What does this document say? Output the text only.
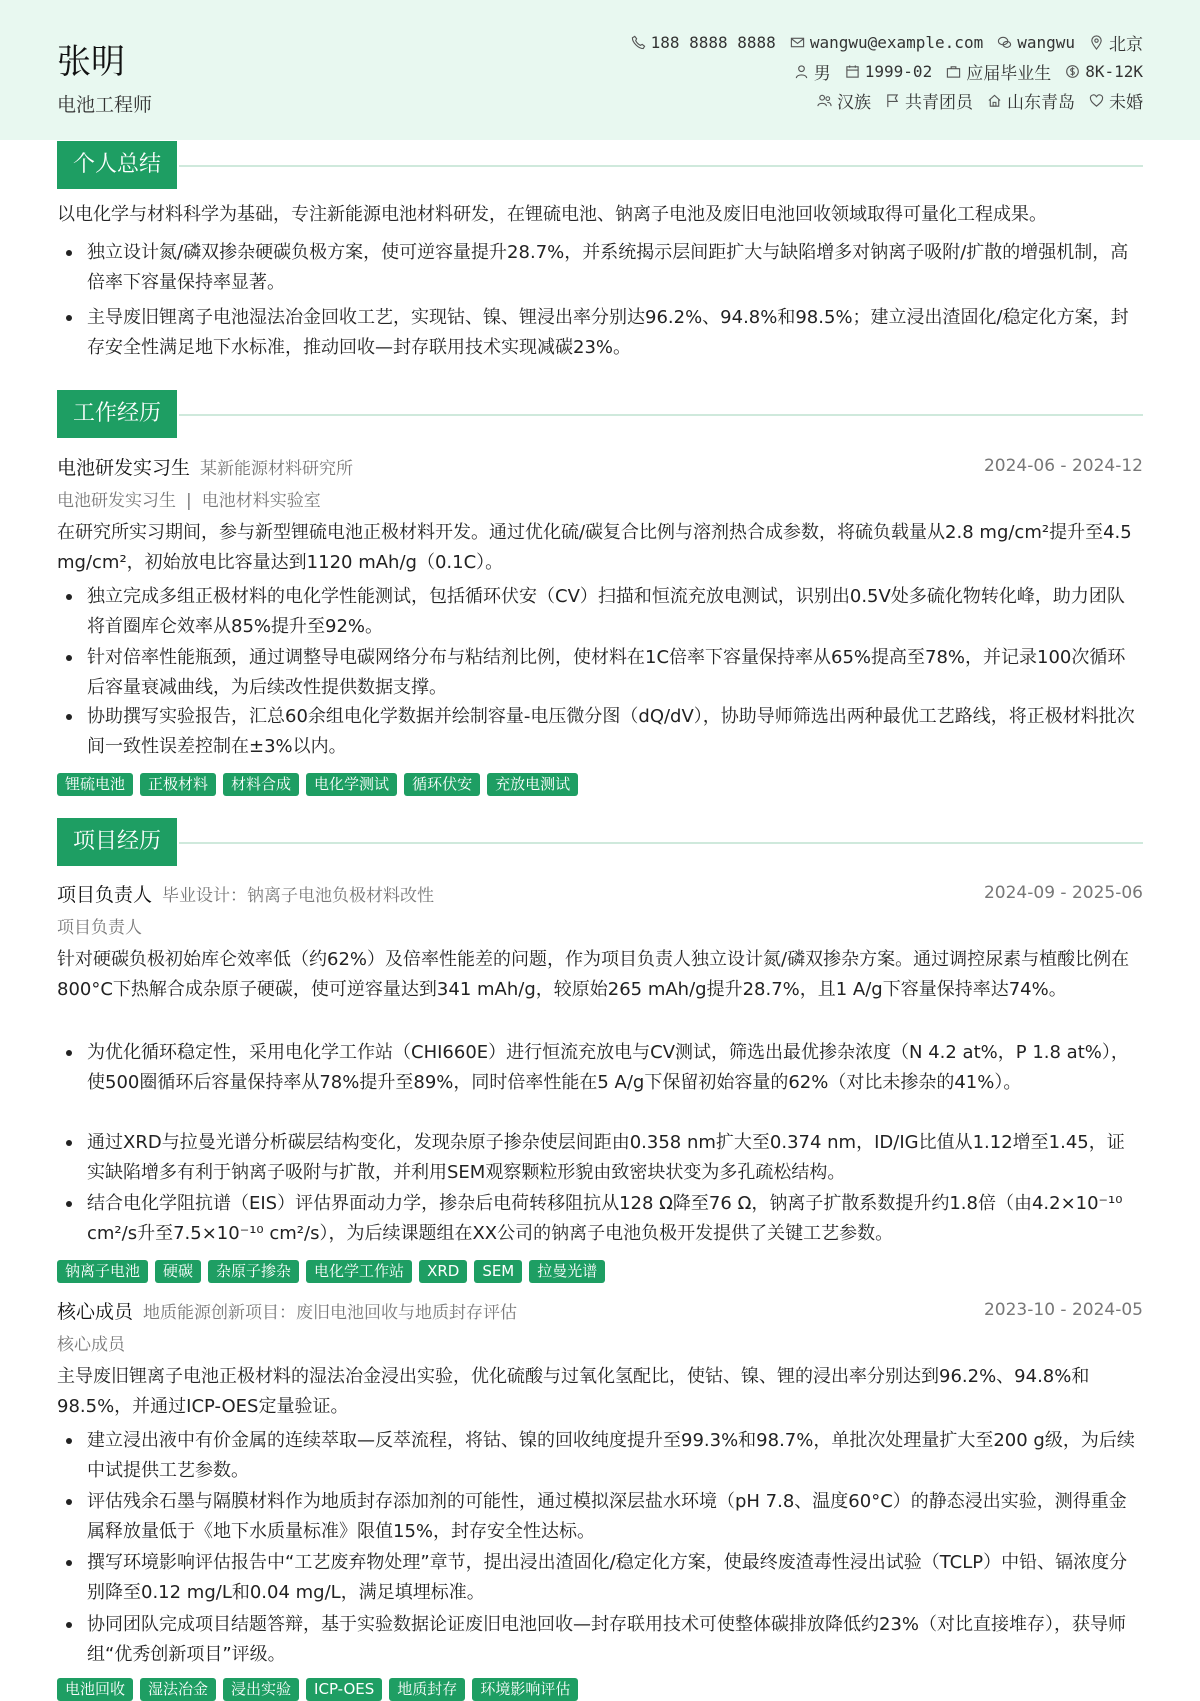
张明
电池工程师
188 8888 8888 wangwu@example.com wangwu 北京
男 1999-02 应届毕业生 8K-12K
汉族 共青团员 山东青岛 未婚
个人总结
以电化学与材料科学为基础，专注新能源电池材料研发，在锂硫电池、钠离子电池及废旧电池回收领域取得可量化工程成果。
独立设计氮/磷双掺杂硬碳负极方案，使可逆容量提升28.7%，并系统揭示层间距扩大与缺陷增多对钠离子吸附/扩散的增强机制，高倍率下容量保持率显著。
主导废旧锂离子电池湿法冶金回收工艺，实现钴、镍、锂浸出率分别达96.2%、94.8%和98.5%；建立浸出渣固化/稳定化方案，封存安全性满足地下水标准，推动回收—封存联用技术实现减碳23%。
工作经历
电池研发实习生 某新能源材料研究所	2024-06 - 2024-12
电池研发实习生 | 电池材料实验室
在研究所实习期间，参与新型锂硫电池正极材料开发。通过优化硫/碳复合比例与溶剂热合成参数，将硫负载量从2.8 mg/cm²提升至4.5 mg/cm²，初始放电比容量达到1120 mAh/g（0.1C）。
独立完成多组正极材料的电化学性能测试，包括循环伏安（CV）扫描和恒流充放电测试，识别出0.5V处多硫化物转化峰，助力团队将首圈库仑效率从85%提升至92%。
针对倍率性能瓶颈，通过调整导电碳网络分布与粘结剂比例，使材料在1C倍率下容量保持率从65%提高至78%，并记录100次循环后容量衰减曲线，为后续改性提供数据支撑。
协助撰写实验报告，汇总60余组电化学数据并绘制容量-电压微分图（dQ/dV），协助导师筛选出两种最优工艺路线，将正极材料批次间一致性误差控制在±3%以内。
锂硫电池	正极材料	材料合成	电化学测试	循环伏安	充放电测试
项目经历
项目负责人 毕业设计：钠离子电池负极材料改性	2024-09 - 2025-06
项目负责人
针对硬碳负极初始库仑效率低（约62%）及倍率性能差的问题，作为项目负责人独立设计氮/磷双掺杂方案。通过调控尿素与植酸比例在800°C下热解合成杂原子硬碳，使可逆容量达到341 mAh/g，较原始265 mAh/g提升28.7%，且1 A/g下容量保持率达74%。
为优化循环稳定性，采用电化学工作站（CHI660E）进行恒流充放电与CV测试，筛选出最优掺杂浓度（N 4.2 at%，P 1.8 at%），使500圈循环后容量保持率从78%提升至89%，同时倍率性能在5 A/g下保留初始容量的62%（对比未掺杂的41%）。
通过XRD与拉曼光谱分析碳层结构变化，发现杂原子掺杂使层间距由0.358 nm扩大至0.374 nm，ID/IG比值从1.12增至1.45，证实缺陷增多有利于钠离子吸附与扩散，并利用SEM观察颗粒形貌由致密块状变为多孔疏松结构。
结合电化学阻抗谱（EIS）评估界面动力学，掺杂后电荷转移阻抗从128 Ω降至76 Ω，钠离子扩散系数提升约1.8倍（由4.2×10⁻¹⁰ cm²/s升至7.5×10⁻¹⁰ cm²/s），为后续课题组在XX公司的钠离子电池负极开发提供了关键工艺参数。
钠离子电池	硬碳	杂原子掺杂	电化学工作站	XRD	SEM	拉曼光谱
核心成员 地质能源创新项目：废旧电池回收与地质封存评估	2023-10 - 2024-05
核心成员
主导废旧锂离子电池正极材料的湿法冶金浸出实验，优化硫酸与过氧化氢配比，使钴、镍、锂的浸出率分别达到96.2%、94.8%和98.5%，并通过ICP-OES定量验证。
建立浸出液中有价金属的连续萃取—反萃流程，将钴、镍的回收纯度提升至99.3%和98.7%，单批次处理量扩大至200 g级，为后续中试提供工艺参数。
评估残余石墨与隔膜材料作为地质封存添加剂的可能性，通过模拟深层盐水环境（pH 7.8、温度60°C）的静态浸出实验，测得重金属释放量低于《地下水质量标准》限值15%，封存安全性达标。
撰写环境影响评估报告中“工艺废弃物处理”章节，提出浸出渣固化/稳定化方案，使最终废渣毒性浸出试验（TCLP）中铅、镉浓度分别降至0.12 mg/L和0.04 mg/L，满足填埋标准。
协同团队完成项目结题答辩，基于实验数据论证废旧电池回收—封存联用技术可使整体碳排放降低约23%（对比直接堆存），获导师组“优秀创新项目”评级。
电池回收	湿法冶金	浸出实验	ICP-OES	地质封存	环境影响评估
